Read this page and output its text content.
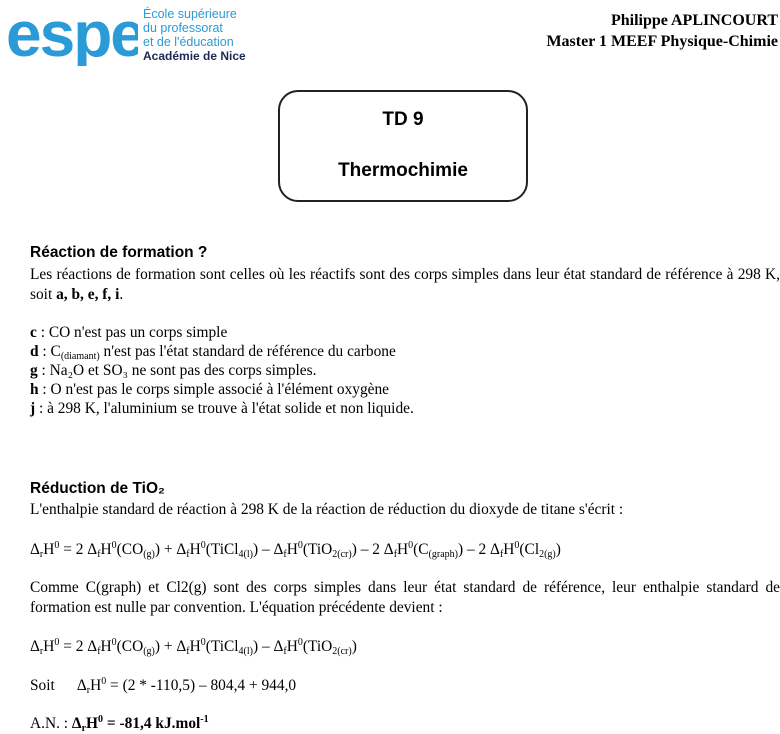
espe École supérieure
du professorat
et de l'éducation
Académie de Nice
Philippe APLINCOURT
Master 1 MEEF Physique-Chimie
TD 9
Thermochimie
Réaction de formation ?
Les réactions de formation sont celles où les réactifs sont des corps simples dans leur état standard de référence à 298 K, soit a, b, e, f, i.
c : CO n'est pas un corps simple
d : C(diamant) n'est pas l'état standard de référence du carbone
g : Na₂O et SO₃ ne sont pas des corps simples.
h : O n'est pas le corps simple associé à l'élément oxygène
j : à 298 K, l'aluminium se trouve à l'état solide et non liquide.
Réduction de TiO₂
L'enthalpie standard de réaction à 298 K de la réaction de réduction du dioxyde de titane s'écrit :
$\Delta_rH^0 = 2$ $\Delta_fH^0(CO_{(g)})$ + $\Delta_fH^0(TiCl_{4(l)}) - \Delta_fH^0(TiO_{2(cr)}) - 2$ $\Delta_fH^0(C_{(graph)}) - 2$ $\Delta_fH^0(Cl_{2(g)})$
Comme C(graph) et Cl2(g) sont des corps simples dans leur état standard de référence, leur enthalpie standard de formation est nulle par convention. L'équation précédente devient :
$\Delta_rH^0 = 2$ $\Delta_fH^0(CO_{(g)})$ + $\Delta_fH^0(TiCl_{4(l)}) - \Delta_fH^0(TiO_{2(cr)})$
Soit $\Delta_rH^0 = (2 * -110,5) - 804,4 + 944,0$
A.N. : $\Delta_rH^0 = -81,4$ kJ.mol$^{-1}$
